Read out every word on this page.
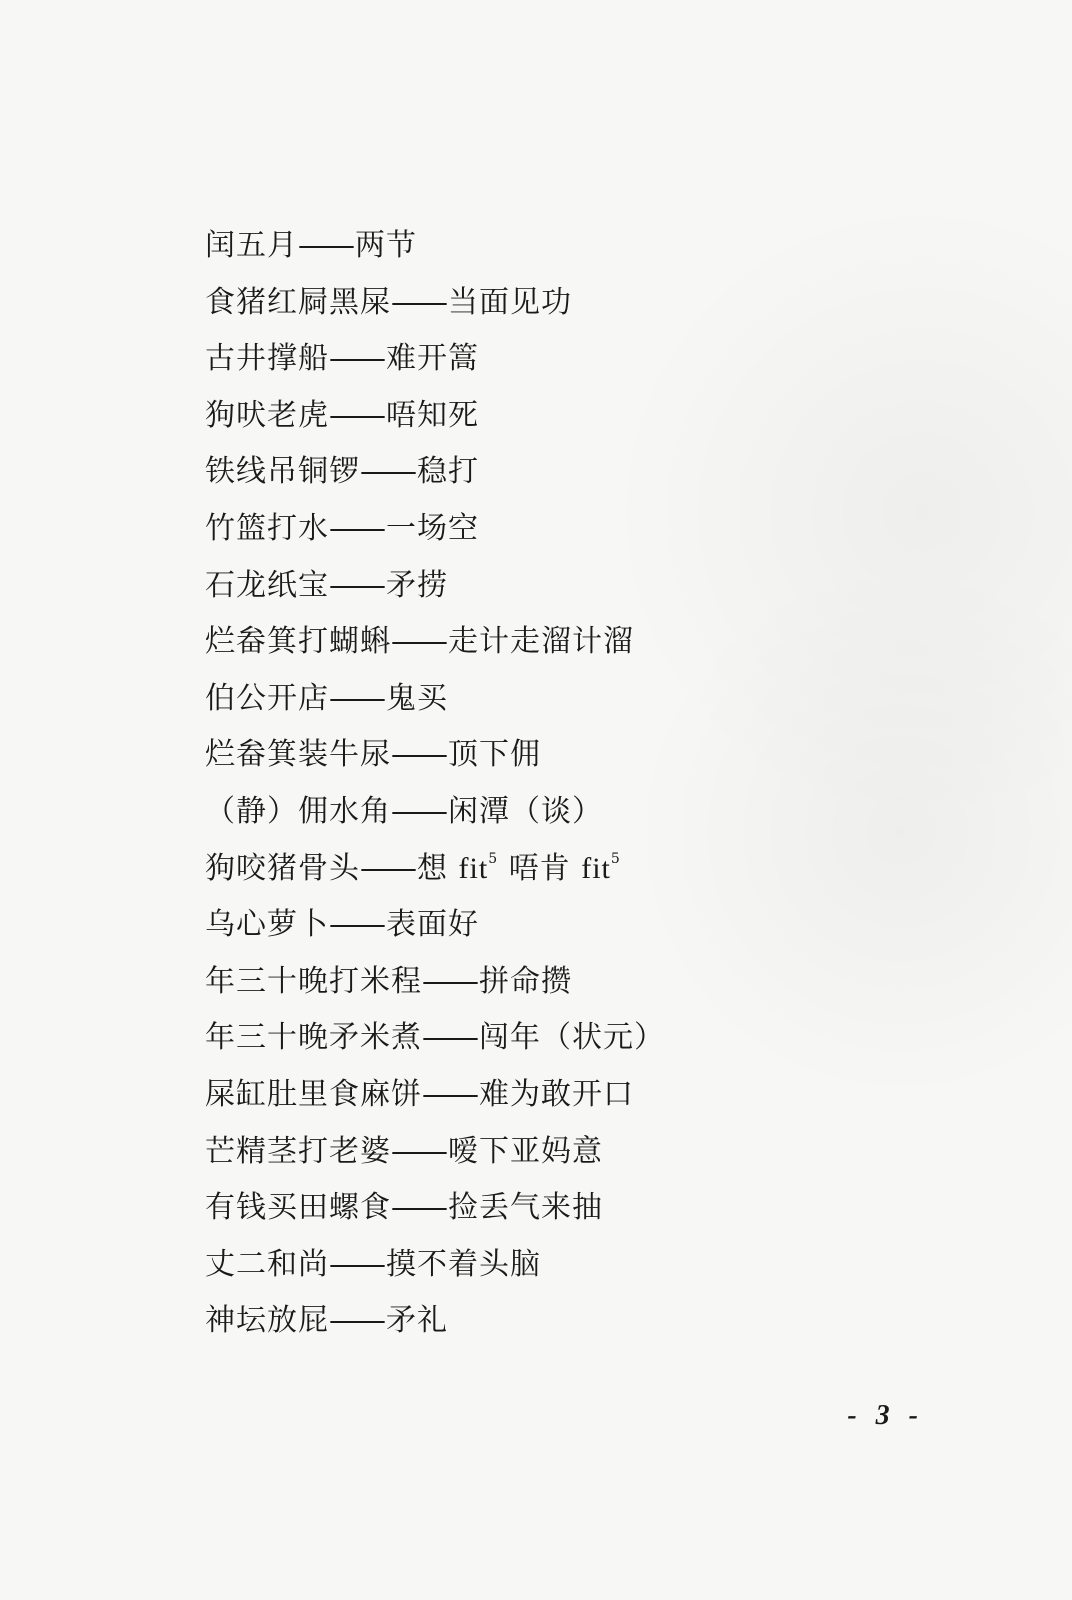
闰五月—— 两节
食猪红屙黑屎—— 当面见功
古井撑船—— 难开篙
狗吠老虎—— 唔知死
铁线吊铜锣—— 稳打
竹篮打水—— 一场空
石龙纸宝—— 矛捞
烂畚箕打蝴蝌—— 走计走溜计溜
伯公开店—— 鬼买
烂畚箕装牛尿—— 顶下佣
（静）佣水角—— 闲潭（谈）
狗咬猪骨头—— 想 fit$^5$ 唔肯 fit$^5$
乌心萝卜—— 表面好
年三十晚打米程—— 拼命攒
年三十晚矛米煮—— 闯年（状元）
屎缸肚里食麻饼—— 难为敢开口
芒精茎打老婆—— 嗳下亚妈意
有钱买田螺食—— 捡丢气来抽
丈二和尚—— 摸不着头脑
神坛放屁—— 矛礼
- 3 -
